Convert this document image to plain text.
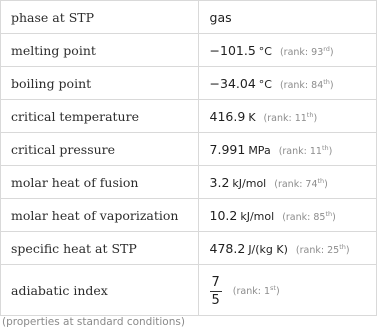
phase at STP	gas
melting point	−101.5 °C (rank: 93rd)
boiling point	−34.04 °C (rank: 84th)
critical temperature	416.9 K (rank: 11th)
critical pressure	7.991 MPa (rank: 11th)
molar heat of fusion	3.2 kJ/mol (rank: 74th)
molar heat of vaporization	10.2 kJ/mol (rank: 85th)
specific heat at STP	478.2 J/(kg K) (rank: 25th)
adiabatic index	$\frac{7}{5}$ (rank: 1st)
(properties at standard conditions)
